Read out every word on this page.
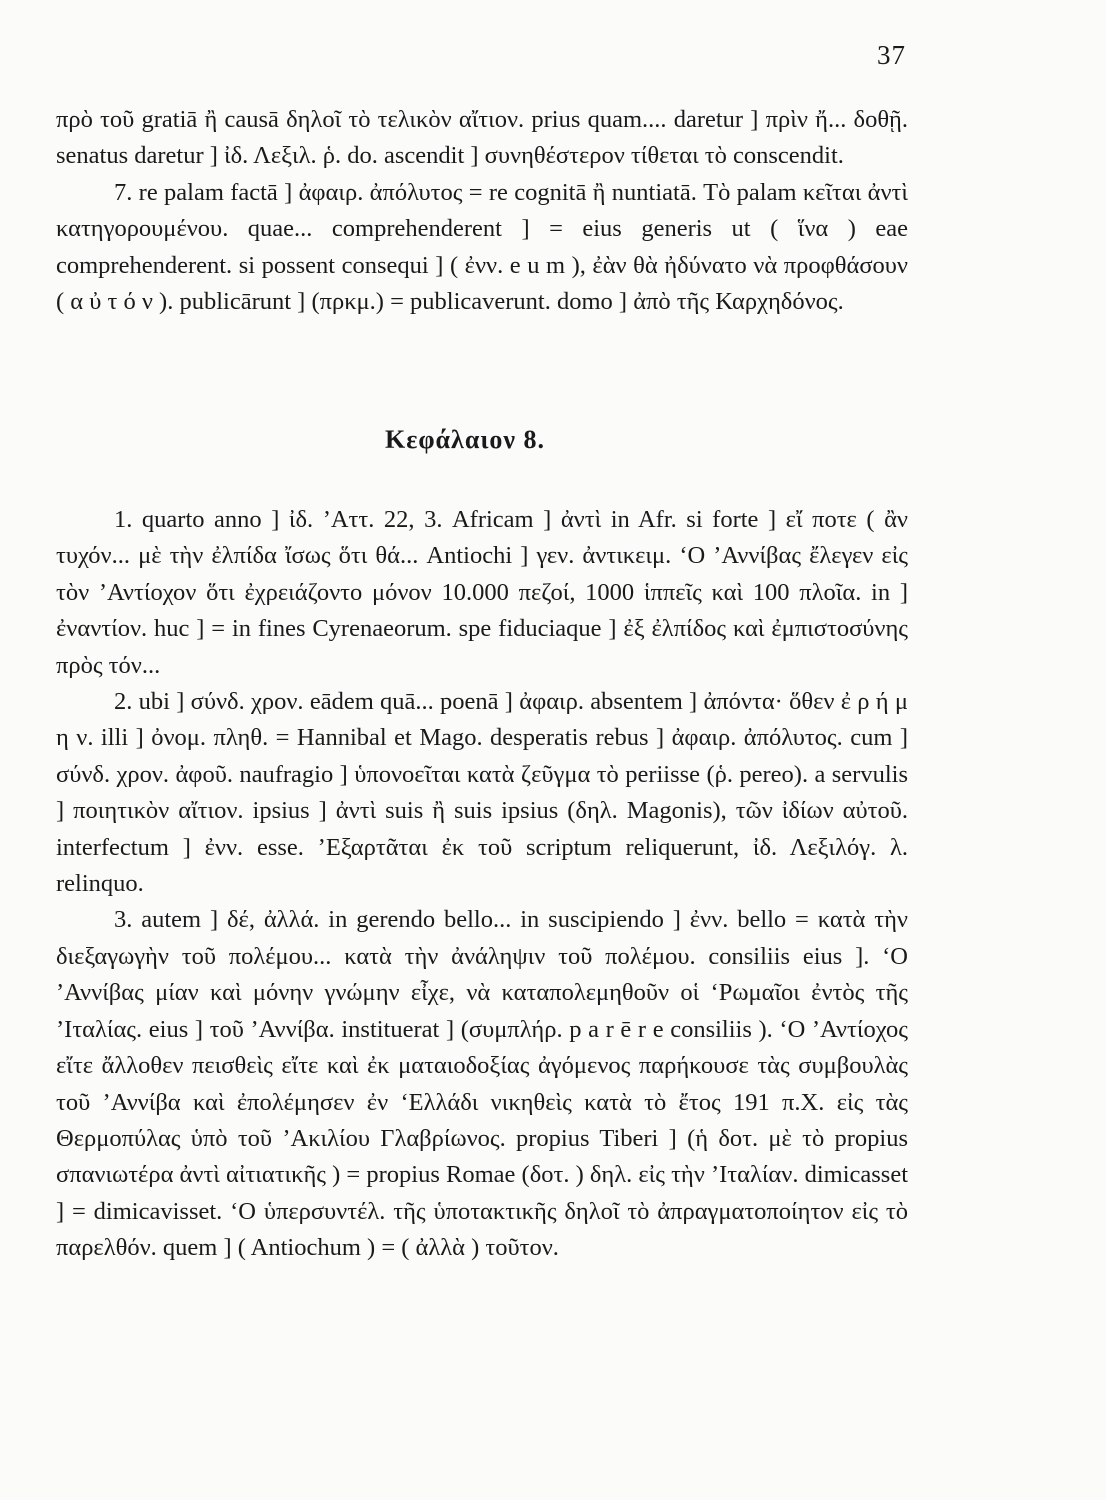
37

πρὸ τοῦ gratiā ἢ causā δηλοῖ τὸ τελικὸν αἴτιον. prius quam.... daretur ] πρὶν ἤ... δοθῇ. senatus daretur ] ἰδ. Λεξιλ. ῥ. do. ascendit ] συνηθέστερον τίθεται τὸ conscendit.

7. re palam factā ] ἀφαιρ. ἀπόλυτος = re cognitā ἢ nuntiatā. Τὸ palam κεῖται ἀντὶ κατηγορουμένου. quae... comprehenderent ] = eius generis ut ( ἵνα ) eae comprehenderent. si possent consequi ] ( ἐνν. e u m ), ἐὰν θὰ ἠδύνατο νὰ προφθάσουν ( α ὐ τ ό ν ). publicārunt ] (πρκμ.) = publicaverunt. domo ] ἀπὸ τῆς Καρχηδόνος.

Κεφάλαιον 8.

1. quarto anno ] ἰδ. ’Αττ. 22, 3. Africam ] ἀντὶ in Afr. si forte ] εἴ ποτε ( ἂν τυχόν... μὲ τὴν ἐλπίδα ἴσως ὅτι θά... Antiochi ] γεν. ἀντικειμ. ‘Ο ’Αννίβας ἔλεγεν εἰς τὸν ’Αντίοχον ὅτι ἐχρειάζοντο μόνον 10.000 πεζοί, 1000 ἱππεῖς καὶ 100 πλοῖα. in ] ἐναντίον. huc ] = in fines Cyrenaeorum. spe fiduciaque ] ἐξ ἐλπίδος καὶ ἐμπιστοσύνης πρὸς τόν...

2. ubi ] σύνδ. χρον. eādem quā... poenā ] ἀφαιρ. absentem ] ἀπόντα· ὅθεν ἐ ρ ή μ η ν. illi ] ὀνομ. πληθ. = Hannibal et Mago. desperatis rebus ] ἀφαιρ. ἀπόλυτος. cum ] σύνδ. χρον. ἀφοῦ. naufragio ] ὑπονοεῖται κατὰ ζεῦγμα τὸ periisse (ῥ. pereo). a servulis ] ποιητικὸν αἴτιον. ipsius ] ἀντὶ suis ἢ suis ipsius (δηλ. Magonis), τῶν ἰδίων αὐτοῦ. interfectum ] ἐνν. esse. ’Εξαρτᾶται ἐκ τοῦ scriptum reliquerunt, ἰδ. Λεξιλόγ. λ. relinquo.

3. autem ] δέ, ἀλλά. in gerendo bello... in suscipiendo ] ἐνν. bello = κατὰ τὴν διεξαγωγὴν τοῦ πολέμου... κατὰ τὴν ἀνάληψιν τοῦ πολέμου. consiliis eius ]. ‘Ο ’Αννίβας μίαν καὶ μόνην γνώμην εἶχε, νὰ καταπολεμηθοῦν οἱ ‘Ρωμαῖοι ἐντὸς τῆς ’Ιταλίας. eius ] τοῦ ’Αννίβα. instituerat ] (συμπλήρ. p a r ē r e consiliis ). ‘Ο ’Αντίοχος εἴτε ἄλλοθεν πεισθεὶς εἴτε καὶ ἐκ ματαιοδοξίας ἀγόμενος παρήκουσε τὰς συμβουλὰς τοῦ ’Αννίβα καὶ ἐπολέμησεν ἐν ‘Ελλάδι νικηθεὶς κατὰ τὸ ἔτος 191 π.Χ. εἰς τὰς Θερμοπύλας ὑπὸ τοῦ ’Ακιλίου Γλαβρίωνος. propius Tiberi ] (ἡ δοτ. μὲ τὸ propius σπανιωτέρα ἀντὶ αἰτιατικῆς ) = propius Romae (δοτ. ) δηλ. εἰς τὴν ’Ιταλίαν. dimicasset ] = dimicavisset. ‘Ο ὑπερσυντέλ. τῆς ὑποτακτικῆς δηλοῖ τὸ ἀπραγματοποίητον εἰς τὸ παρελθόν. quem ] ( Antiochum ) = ( ἀλλὰ ) τοῦτον.
